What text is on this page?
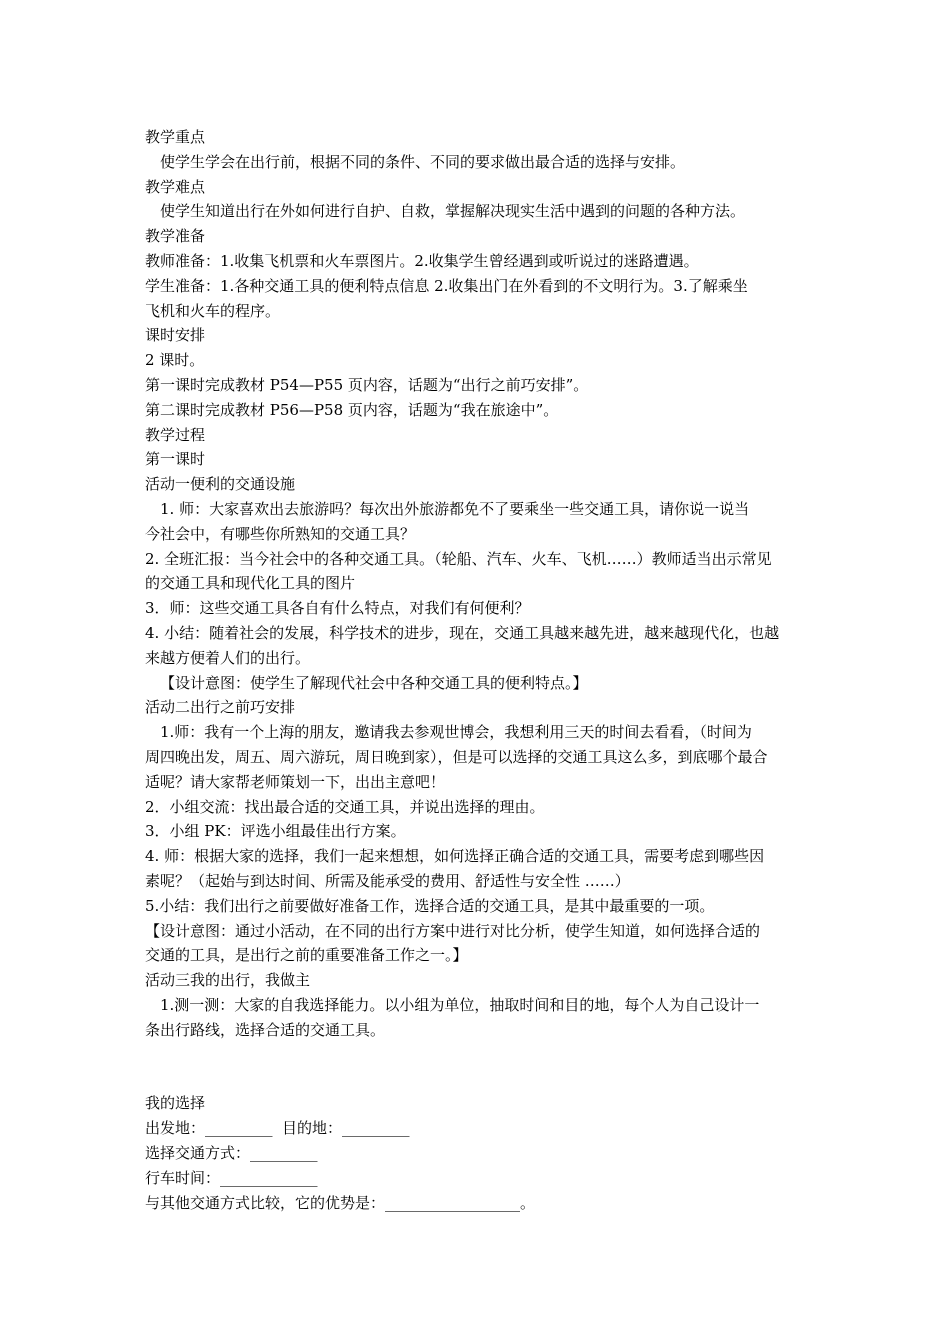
教学重点

使学生学会在出行前，根据不同的条件、不同的要求做出最合适的选择与安排。

教学难点

使学生知道出行在外如何进行自护、自救，掌握解决现实生活中遇到的问题的各种方法。

教学准备

教师准备：1.收集飞机票和火车票图片。2.收集学生曾经遇到或听说过的迷路遭遇。

学生准备：1.各种交通工具的便利特点信息 2.收集出门在外看到的不文明行为。3.了解乘坐

飞机和火车的程序。

课时安排

2 课时。

第一课时完成教材 P54—P55 页内容，话题为“出行之前巧安排”。

第二课时完成教材 P56—P58 页内容，话题为“我在旅途中”。

教学过程

第一课时

活动一便利的交通设施

1. 师：大家喜欢出去旅游吗？每次出外旅游都免不了要乘坐一些交通工具，请你说一说当

今社会中，有哪些你所熟知的交通工具？

2. 全班汇报：当今社会中的各种交通工具。（轮船、汽车、火车、飞机……）教师适当出示常见

的交通工具和现代化工具的图片

3．师：这些交通工具各自有什么特点，对我们有何便利？

4. 小结：随着社会的发展，科学技术的进步，现在，交通工具越来越先进，越来越现代化，也越

来越方便着人们的出行。

【设计意图：使学生了解现代社会中各种交通工具的便利特点。】

活动二出行之前巧安排

1.师：我有一个上海的朋友，邀请我去参观世博会，我想利用三天的时间去看看，（时间为

周四晚出发，周五、周六游玩，周日晚到家），但是可以选择的交通工具这么多，到底哪个最合

适呢？请大家帮老师策划一下，出出主意吧！

2．小组交流：找出最合适的交通工具，并说出选择的理由。

3．小组 PK：评选小组最佳出行方案。

4. 师：根据大家的选择，我们一起来想想，如何选择正确合适的交通工具，需要考虑到哪些因

素呢？（起始与到达时间、所需及能承受的费用、舒适性与安全性 ……）

5.小结：我们出行之前要做好准备工作，选择合适的交通工具，是其中最重要的一项。

【设计意图：通过小活动，在不同的出行方案中进行对比分析，使学生知道，如何选择合适的

交通的工具，是出行之前的重要准备工作之一。】

活动三我的出行，我做主

1.测一测：大家的自我选择能力。以小组为单位，抽取时间和目的地，每个人为自己设计一

条出行路线，选择合适的交通工具。

我的选择

出发地：_________  目的地：_________

选择交通方式：_________

行车时间：_____________

与其他交通方式比较，它的优势是：__________________。
